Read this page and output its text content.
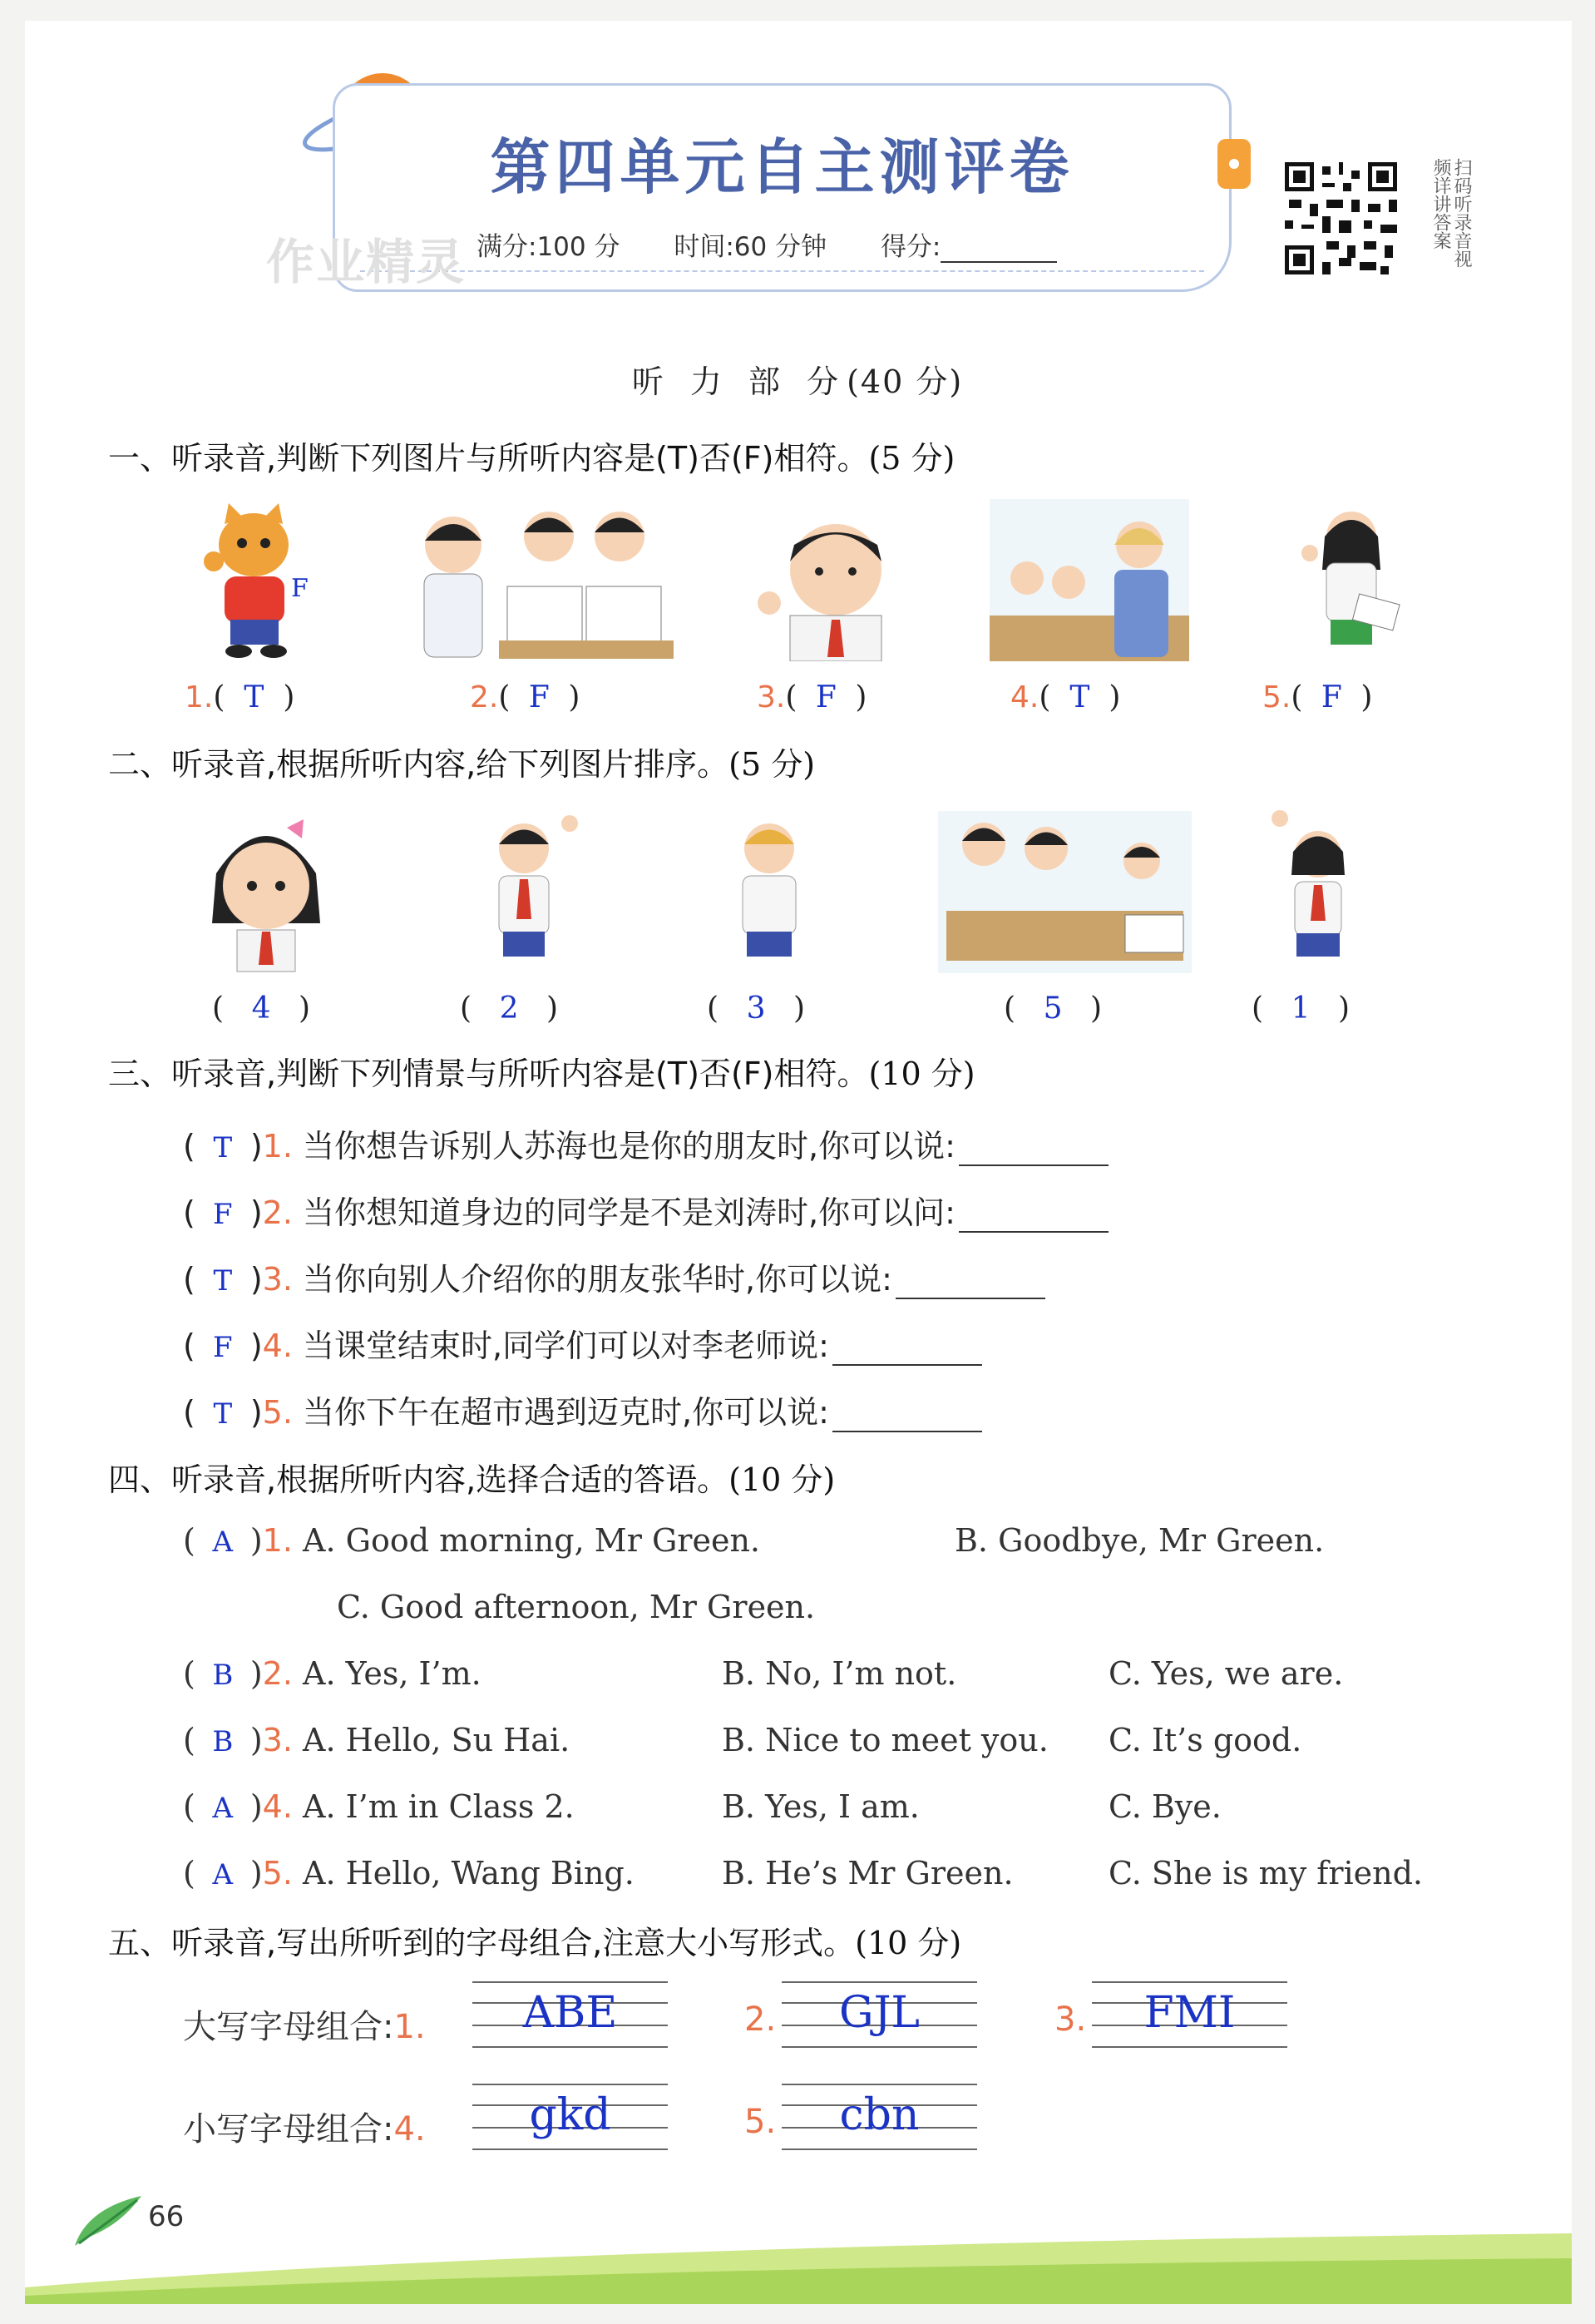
第四单元自主测评卷
满分:100 分 时间:60 分钟 得分:
作业精灵	扫码听录音视频详讲答案
听 力 部 分(40 分)
一、听录音,判断下列图片与所听内容是(T)否(F)相符。(5 分)
F
1.( T )	2.( F )	3.( F )	4.( T )	5.( F )
二、听录音,根据所听内容,给下列图片排序。(5 分)
( 4 )	( 2 )	( 3 )	( 5 )	( 1 )
三、听录音,判断下列情景与所听内容是(T)否(F)相符。(10 分)
( T )1. 当你想告诉别人苏海也是你的朋友时,你可以说:
( F )2. 当你想知道身边的同学是不是刘涛时,你可以问:
( T )3. 当你向别人介绍你的朋友张华时,你可以说:
( F )4. 当课堂结束时,同学们可以对李老师说:
( T )5. 当你下午在超市遇到迈克时,你可以说:
四、听录音,根据所听内容,选择合适的答语。(10 分)
( A )1. A. Good morning, Mr Green.	B. Goodbye, Mr Green.
C. Good afternoon, Mr Green.
( B )2. A. Yes, I’m.	B. No, I’m not.	C. Yes, we are.
( B )3. A. Hello, Su Hai.	B. Nice to meet you. C. It’s good.
( A )4. A. I’m in Class 2.	B. Yes, I am.	C. Bye.
( A )5. A. Hello, Wang Bing.	B. He’s Mr Green.	C. She is my friend.
五、听录音,写出所听到的字母组合,注意大小写形式。(10 分)
大写字母组合:1.	ABE	2.	GJL	3.	FMI
小写字母组合:4.	gkd	5.	cbn
66
